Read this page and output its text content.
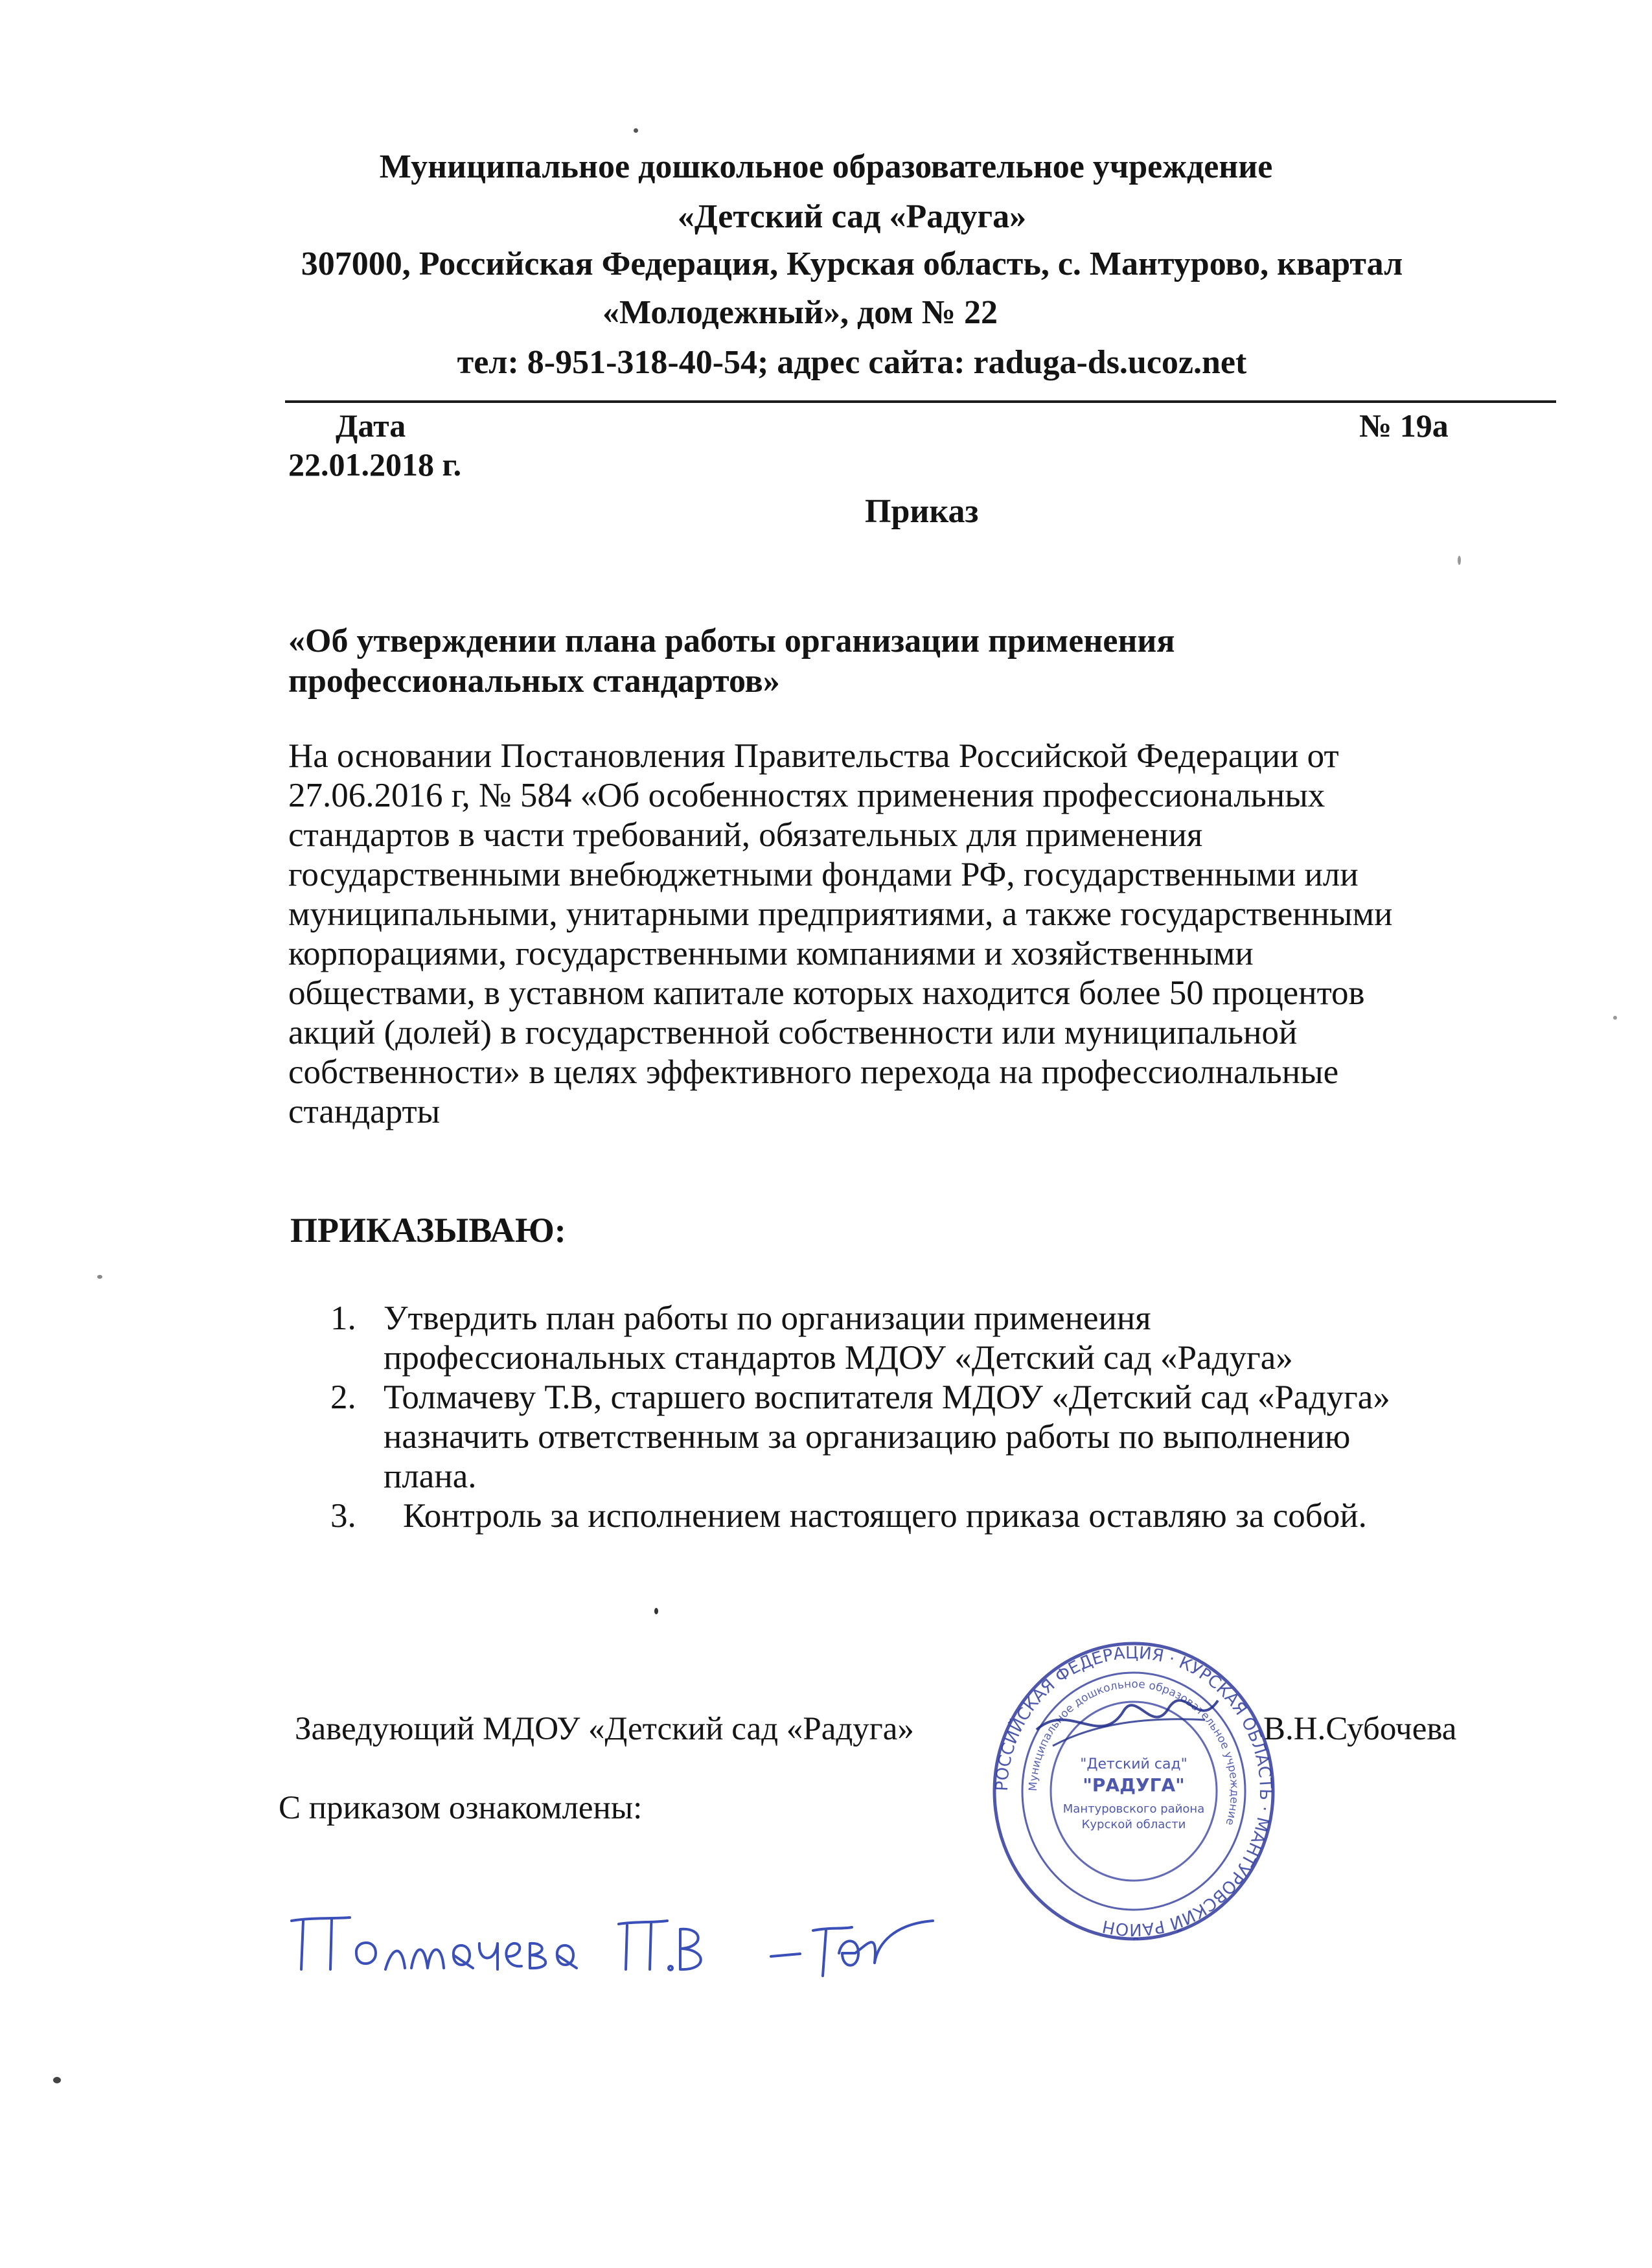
Муниципальное дошкольное образовательное учреждение
«Детский сад «Радуга»
307000, Российская Федерация, Курская область, с. Мантурово, квартал
«Молодежный», дом № 22
тел: 8-951-318-40-54; адрес сайта: raduga-ds.ucoz.net
Дата
22.01.2018 г.
№ 19а
Приказ
«Об утверждении плана работы организации применения
профессиональных стандартов»
На основании Постановления Правительства Российской Федерации от
27.06.2016 г, № 584 «Об особенностях применения профессиональных
стандартов в части требований, обязательных для применения
государственными внебюджетными фондами РФ, государственными или
муниципальными, унитарными предприятиями, а также государственными
корпорациями, государственными компаниями и хозяйственными
обществами, в уставном капитале которых находится более 50 процентов
акций (долей) в государственной собственности или муниципальной
собственности» в целях эффективного перехода на профессиолнальные
стандарты
ПРИКАЗЫВАЮ:
1. Утвердить план работы по организации применеиня
профессиональных стандартов МДОУ «Детский сад «Радуга»
2. Толмачеву Т.В, старшего воспитателя МДОУ «Детский сад «Радуга»
назначить ответственным за организацию работы по выполнению
плана.
3. Контроль за исполнением настоящего приказа оставляю за собой.
Заведующий МДОУ «Детский сад «Радуга»	В.Н.Субочева
С приказом ознакомлены:
РОССИЙСКАЯ ФЕДЕРАЦИЯ · КУРСКАЯ ОБЛАСТЬ · МАНТУРОВСКИЙ РАЙОН
Муниципальное дошкольное образовательное учреждение
"Детский сад"
"РАДУГА"
Мантуровского района
Курской области
